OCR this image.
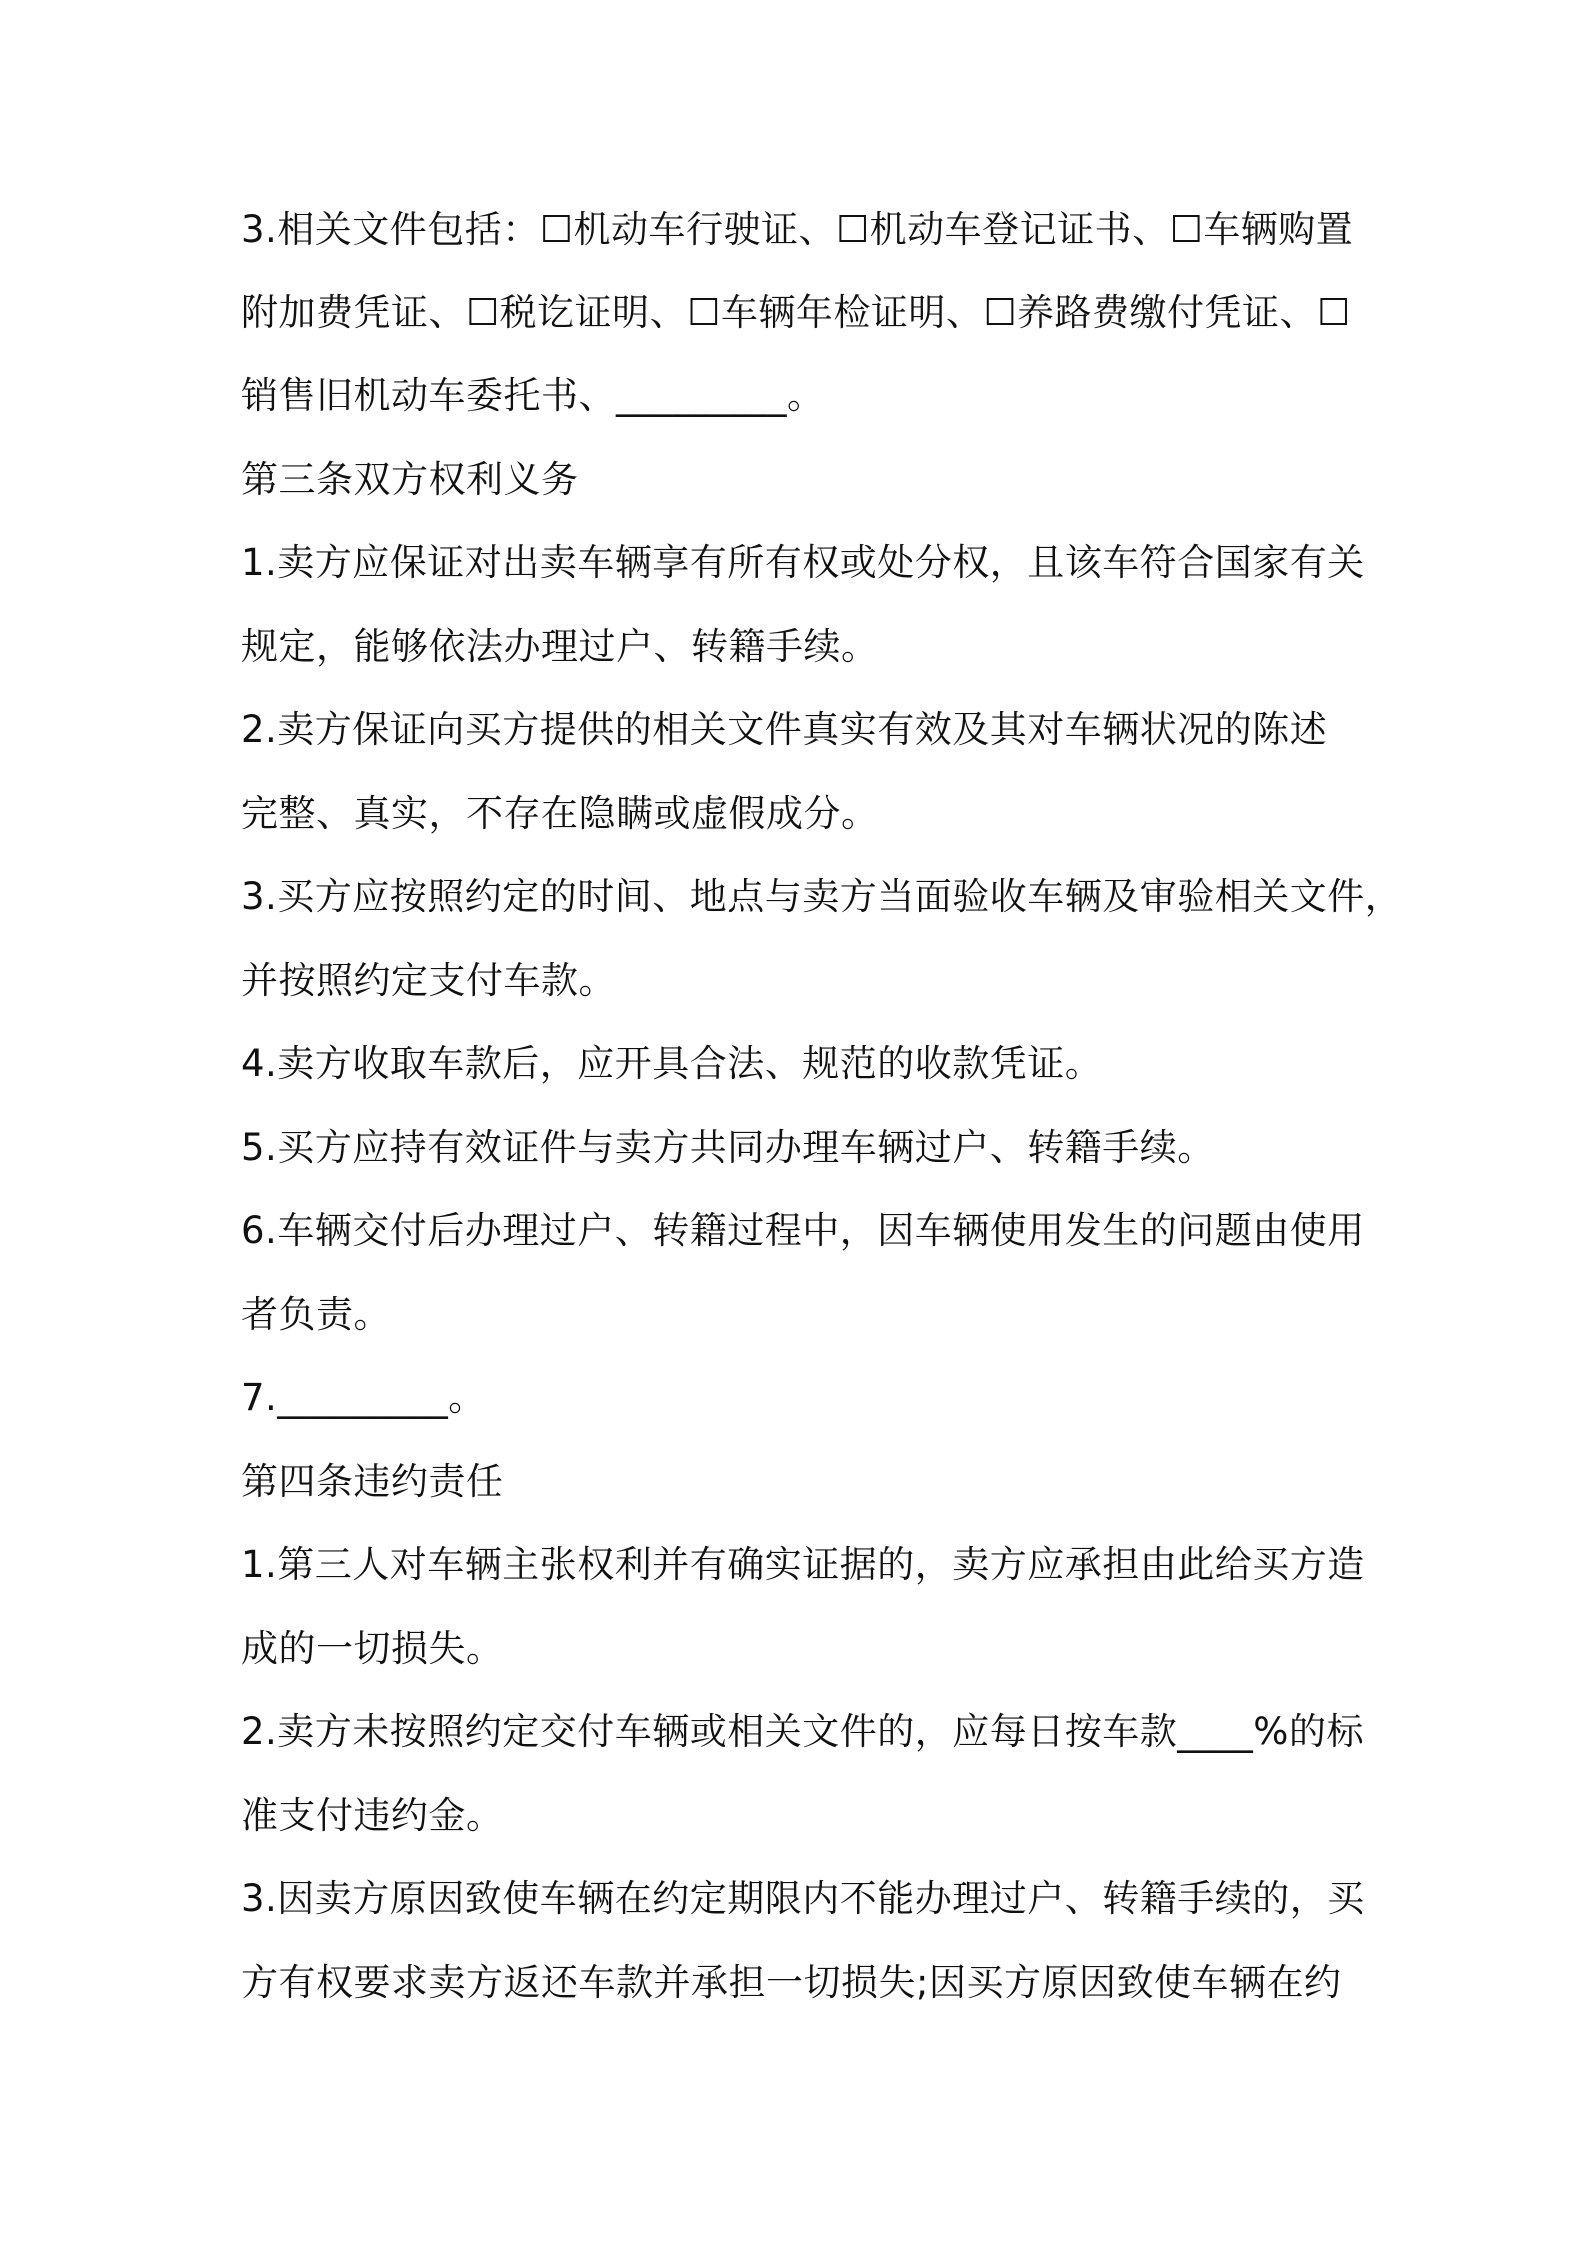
3.相关文件包括：☐机动车行驶证、☐机动车登记证书、☐车辆购置
附加费凭证、☐税讫证明、☐车辆年检证明、☐养路费缴付凭证、☐
销售旧机动车委托书、_________。
第三条双方权利义务
1.卖方应保证对出卖车辆享有所有权或处分权，且该车符合国家有关
规定，能够依法办理过户、转籍手续。
2.卖方保证向买方提供的相关文件真实有效及其对车辆状况的陈述
完整、真实，不存在隐瞒或虚假成分。
3.买方应按照约定的时间、地点与卖方当面验收车辆及审验相关文件，
并按照约定支付车款。
4.卖方收取车款后，应开具合法、规范的收款凭证。
5.买方应持有效证件与卖方共同办理车辆过户、转籍手续。
6.车辆交付后办理过户、转籍过程中，因车辆使用发生的问题由使用
者负责。
7._________。
第四条违约责任
1.第三人对车辆主张权利并有确实证据的，卖方应承担由此给买方造
成的一切损失。
2.卖方未按照约定交付车辆或相关文件的，应每日按车款____%的标
准支付违约金。
3.因卖方原因致使车辆在约定期限内不能办理过户、转籍手续的，买
方有权要求卖方返还车款并承担一切损失;因买方原因致使车辆在约
